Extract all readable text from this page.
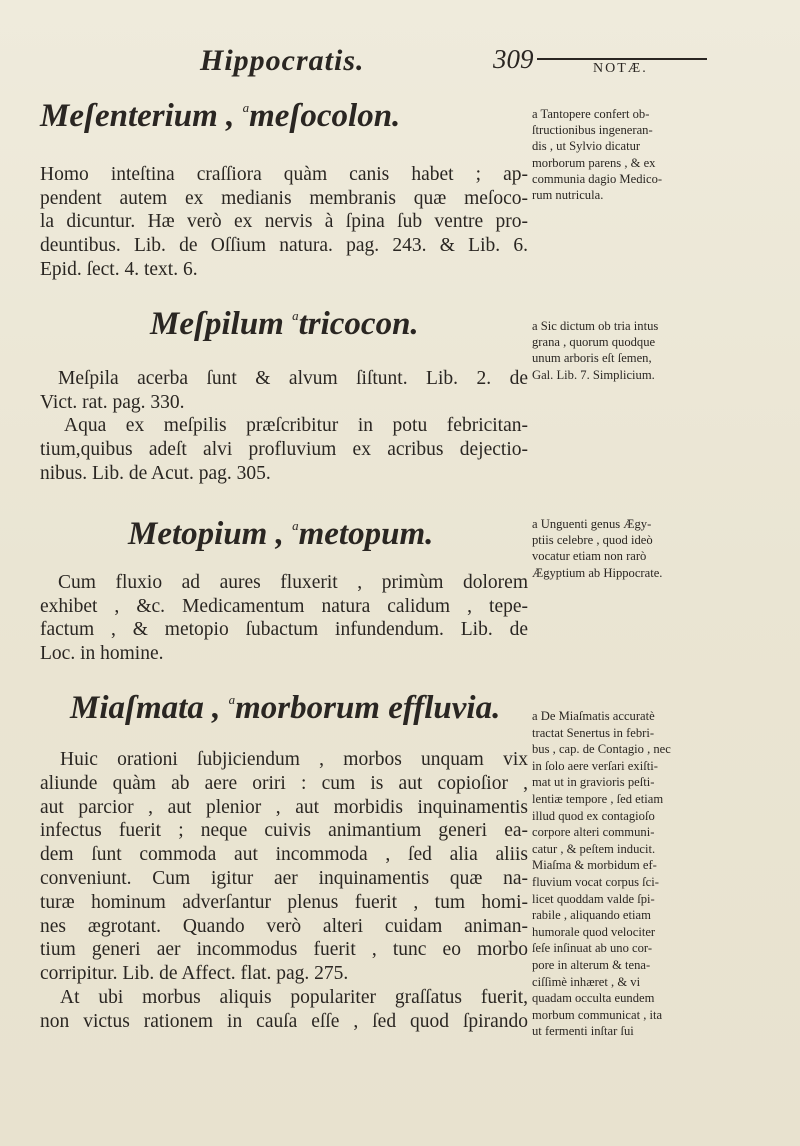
Hippocratis.	309	NOTÆ.
Meſenterium , $^a$meſocolon.
Homo inteſtina craſſiora quàm canis habet ; ap-
pendent autem ex medianis membranis quæ meſoco-
la dicuntur. Hæ verò ex nervis à ſpina ſub ventre pro-
deuntibus. Lib. de Oſſium natura. pag. 243. & Lib. 6.
Epid. ſect. 4. text. 6.
a Tantopere confert ob-
ſtructionibus ingeneran-
dis , ut Sylvio dicatur
morborum parens , & ex
communia dagio Medico-
rum nutricula.
Meſpilum $^a$tricocon.
Meſpila acerba ſunt & alvum ſiſtunt. Lib. 2. de
Vict. rat. pag. 330.
Aqua ex meſpilis præſcribitur in potu febricitan-
tium,quibus adeſt alvi profluvium ex acribus dejectio-
nibus. Lib. de Acut. pag. 305.
a Sic dictum ob tria intus
grana , quorum quodque
unum arboris eſt ſemen,
Gal. Lib. 7. Simplicium.
Metopium , $^a$metopum.
Cum fluxio ad aures fluxerit , primùm dolorem
exhibet , &c. Medicamentum natura calidum , tepe-
factum , & metopio ſubactum infundendum. Lib. de
Loc. in homine.
a Unguenti genus Ægy-
ptiis celebre , quod ideò
vocatur etiam non rarò
Ægyptium ab Hippocrate.
Miaſmata , $^a$morborum effluvia.
Huic orationi ſubjiciendum , morbos unquam vix
aliunde quàm ab aere oriri : cum is aut copioſior ,
aut parcior , aut plenior , aut morbidis inquinamentis
infectus fuerit ; neque cuivis animantium generi ea-
dem ſunt commoda aut incommoda , ſed alia aliis
conveniunt. Cum igitur aer inquinamentis quæ na-
turæ hominum adverſantur plenus fuerit , tum homi-
nes ægrotant. Quando verò alteri cuidam animan-
tium generi aer incommodus fuerit , tunc eo morbo
corripitur. Lib. de Affect. flat. pag. 275.
At ubi morbus aliquis populariter graſſatus fuerit,
non victus rationem in cauſa eſſe , ſed quod ſpirando
a De Miaſmatis accuratè
tractat Senertus in febri-
bus , cap. de Contagio , nec
in ſolo aere verſari exiſti-
mat ut in gravioris peſti-
lentiæ tempore , ſed etiam
illud quod ex contagioſo
corpore alteri communi-
catur , & peſtem inducit.
Miaſma & morbidum ef-
fluvium vocat corpus ſci-
licet quoddam valde ſpi-
rabile , aliquando etiam
humorale quod velociter
ſeſe inſinuat ab uno cor-
pore in alterum & tena-
ciſſimè inhæret , & vi
quadam occulta eundem
morbum communicat , ita
ut fermenti inſtar ſui
